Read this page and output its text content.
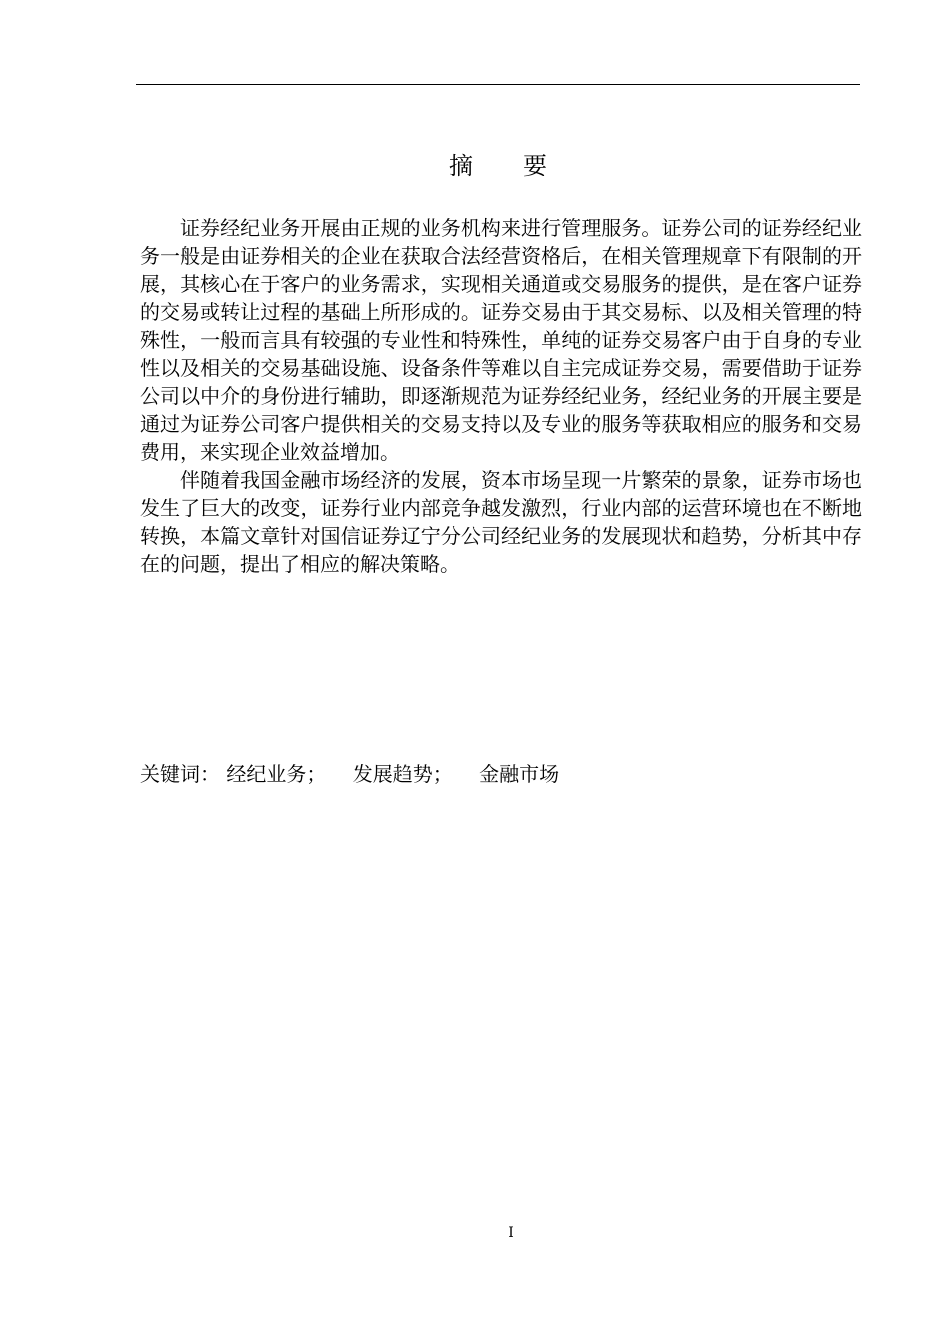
摘 要

证券经纪业务开展由正规的业务机构来进行管理服务。证券公司的证券经纪业务一般是由证券相关的企业在获取合法经营资格后，在相关管理规章下有限制的开展，其核心在于客户的业务需求，实现相关通道或交易服务的提供，是在客户证券的交易或转让过程的基础上所形成的。证券交易由于其交易标、以及相关管理的特殊性，一般而言具有较强的专业性和特殊性，单纯的证券交易客户由于自身的专业性以及相关的交易基础设施、设备条件等难以自主完成证券交易，需要借助于证券公司以中介的身份进行辅助，即逐渐规范为证券经纪业务，经纪业务的开展主要是通过为证券公司客户提供相关的交易支持以及专业的服务等获取相应的服务和交易费用，来实现企业效益增加。

伴随着我国金融市场经济的发展，资本市场呈现一片繁荣的景象，证券市场也发生了巨大的改变，证券行业内部竞争越发激烈，行业内部的运营环境也在不断地转换，本篇文章针对国信证券辽宁分公司经纪业务的发展现状和趋势，分析其中存在的问题，提出了相应的解决策略。

关键词： 经纪业务； 发展趋势； 金融市场
I
